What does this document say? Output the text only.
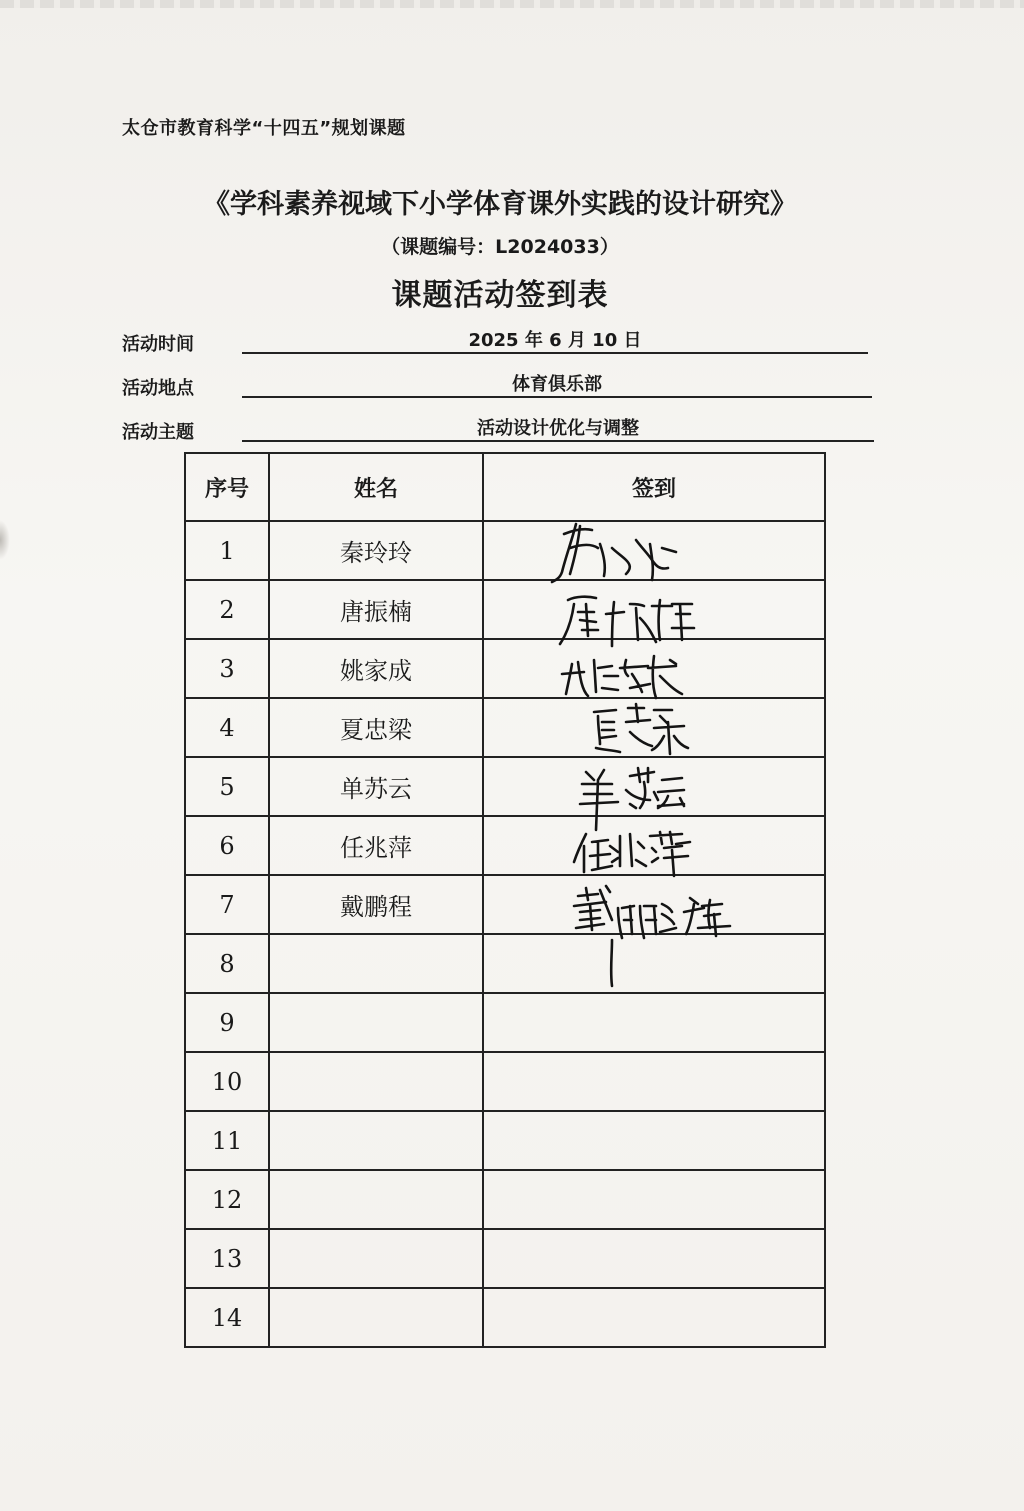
太仓市教育科学“十四五”规划课题
《学科素养视域下小学体育课外实践的设计研究》
（课题编号：L2024033）
课题活动签到表
活动时间	2025 年 6 月 10 日
活动地点	体育俱乐部
活动主题	活动设计优化与调整
序号	姓名	签到
1	秦玲玲	
2	唐振楠	
3	姚家成	
4	夏忠梁	
5	单苏云	
6	任兆萍	
7	戴鹏程	
8		
9		
10		
11		
12		
13		
14		
